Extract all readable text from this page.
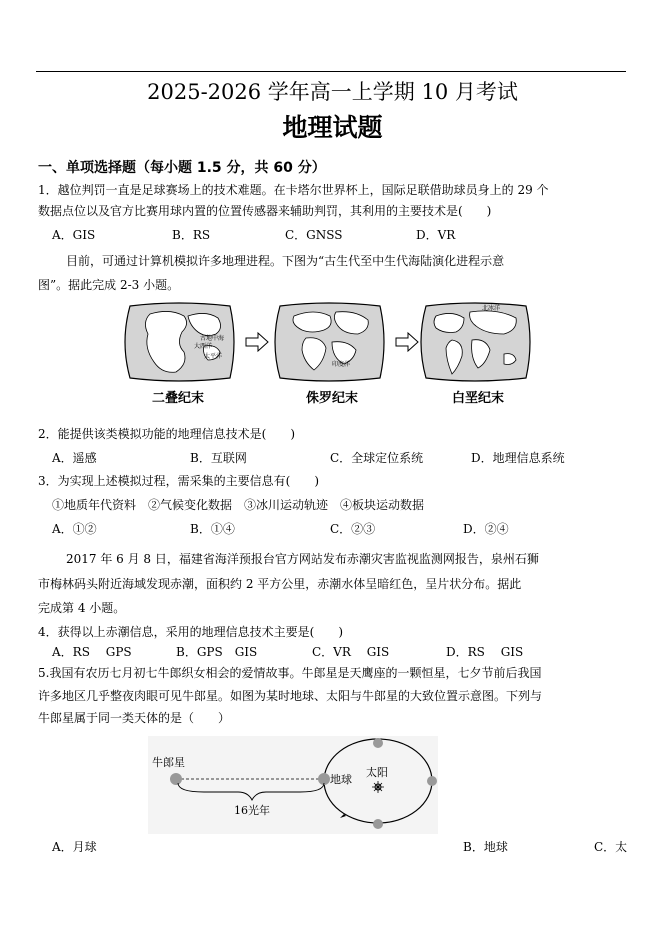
2025-2026 学年高一上学期 10 月考试
地理试题
一、单项选择题（每小题 1.5 分，共 60 分）
1．越位判罚一直是足球赛场上的技术难题。在卡塔尔世界杯上，国际足联借助球员身上的 29 个
数据点位以及官方比赛用球内置的位置传感器来辅助判罚，其利用的主要技术是(　　)
A．GIS	B．RS	C．GNSS	D．VR
目前，可通过计算机模拟许多地理进程。下图为“古生代至中生代海陆演化进程示意
图”。据此完成 2-3 小题。
古地中海
大西洋
太平洋
印度洋
北冰洋
二叠纪末	侏罗纪末	白垩纪末
2．能提供该类模拟功能的地理信息技术是(　　)
A．遥感	B．互联网	C．全球定位系统	D．地理信息系统
3．为实现上述模拟过程，需采集的主要信息有(　　)
①地质年代资料　②气候变化数据　③冰川运动轨迹　④板块运动数据
A．①②	B．①④	C．②③	D．②④
2017 年 6 月 8 日，福建省海洋预报台官方网站发布赤潮灾害监视监测网报告，泉州石狮
市梅林码头附近海域发现赤潮，面积约 2 平方公里，赤潮水体呈暗红色，呈片状分布。据此
完成第 4 小题。
4．获得以上赤潮信息，采用的地理信息技术主要是(　　)
A．RS　 GPS	B．GPS　GIS	C．VR　 GIS	D．RS　 GIS
5.我国有农历七月初七牛郎织女相会的爱情故事。牛郎星是天鹰座的一颗恒星，七夕节前后我国
许多地区几乎整夜肉眼可见牛郎星。如图为某时地球、太阳与牛郎星的大致位置示意图。下列与
牛郎星属于同一类天体的是（　　）
牛郎星
地球
太阳
16光年
A．月球	B．地球	C．太
